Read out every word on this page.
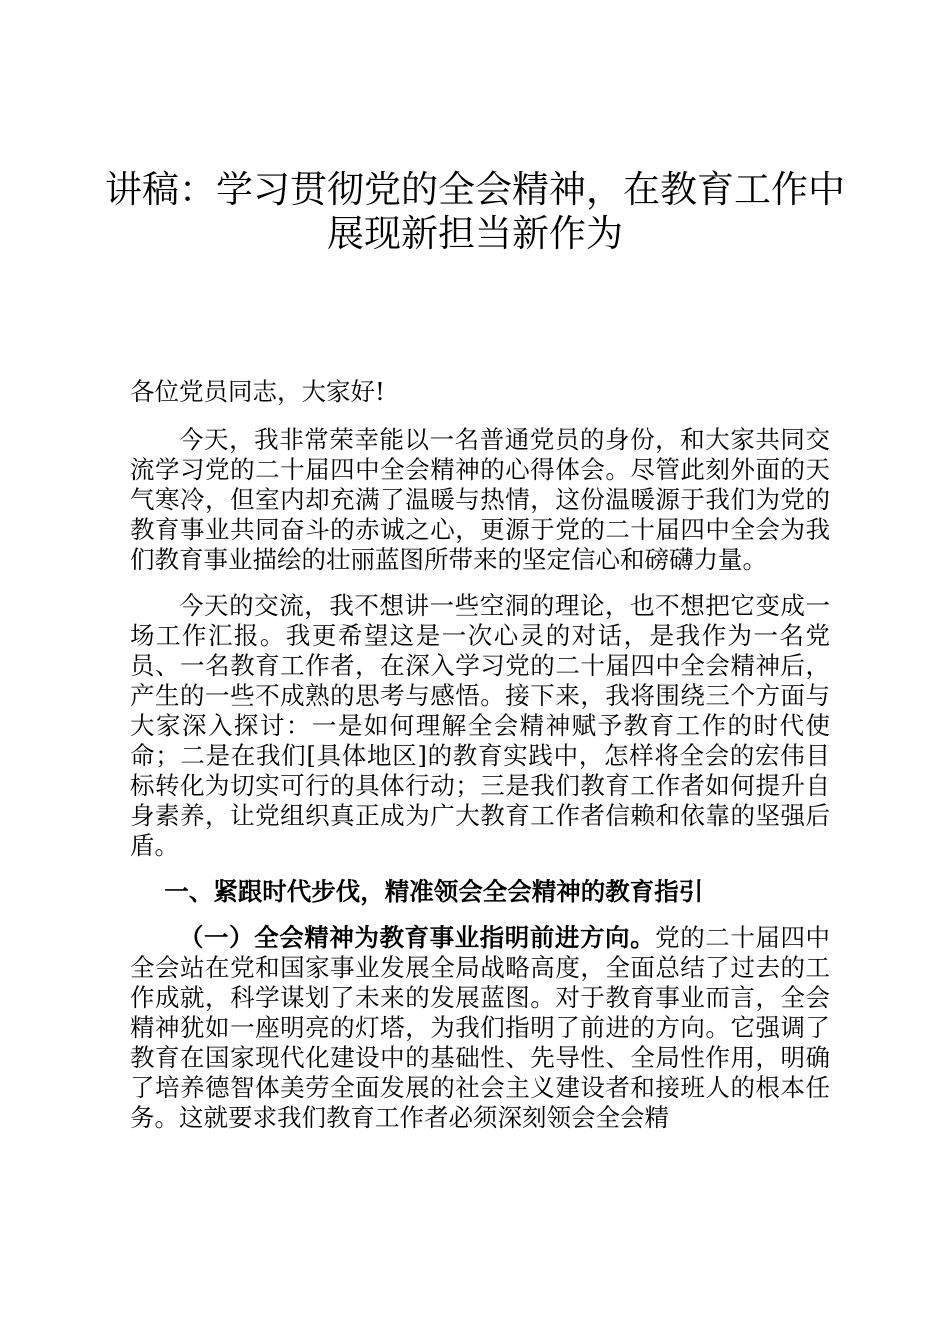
讲稿：学习贯彻党的全会精神，在教育工作中
展现新担当新作为

各位党员同志，大家好!

今天，我非常荣幸能以一名普通党员的身份，和大家共同交流学习党的二十届四中全会精神的心得体会。尽管此刻外面的天气寒冷，但室内却充满了温暖与热情，这份温暖源于我们为党的教育事业共同奋斗的赤诚之心，更源于党的二十届四中全会为我们教育事业描绘的壮丽蓝图所带来的坚定信心和磅礴力量。

今天的交流，我不想讲一些空洞的理论，也不想把它变成一场工作汇报。我更希望这是一次心灵的对话，是我作为一名党员、一名教育工作者，在深入学习党的二十届四中全会精神后，产生的一些不成熟的思考与感悟。接下来，我将围绕三个方面与大家深入探讨：一是如何理解全会精神赋予教育工作的时代使命；二是在我们[具体地区]的教育实践中，怎样将全会的宏伟目标转化为切实可行的具体行动；三是我们教育工作者如何提升自身素养，让党组织真正成为广大教育工作者信赖和依靠的坚强后盾。

一、紧跟时代步伐，精准领会全会精神的教育指引

（一）全会精神为教育事业指明前进方向。党的二十届四中全会站在党和国家事业发展全局战略高度，全面总结了过去的工作成就，科学谋划了未来的发展蓝图。对于教育事业而言，全会精神犹如一座明亮的灯塔，为我们指明了前进的方向。它强调了教育在国家现代化建设中的基础性、先导性、全局性作用，明确了培养德智体美劳全面发展的社会主义建设者和接班人的根本任务。这就要求我们教育工作者必须深刻领会全会精
